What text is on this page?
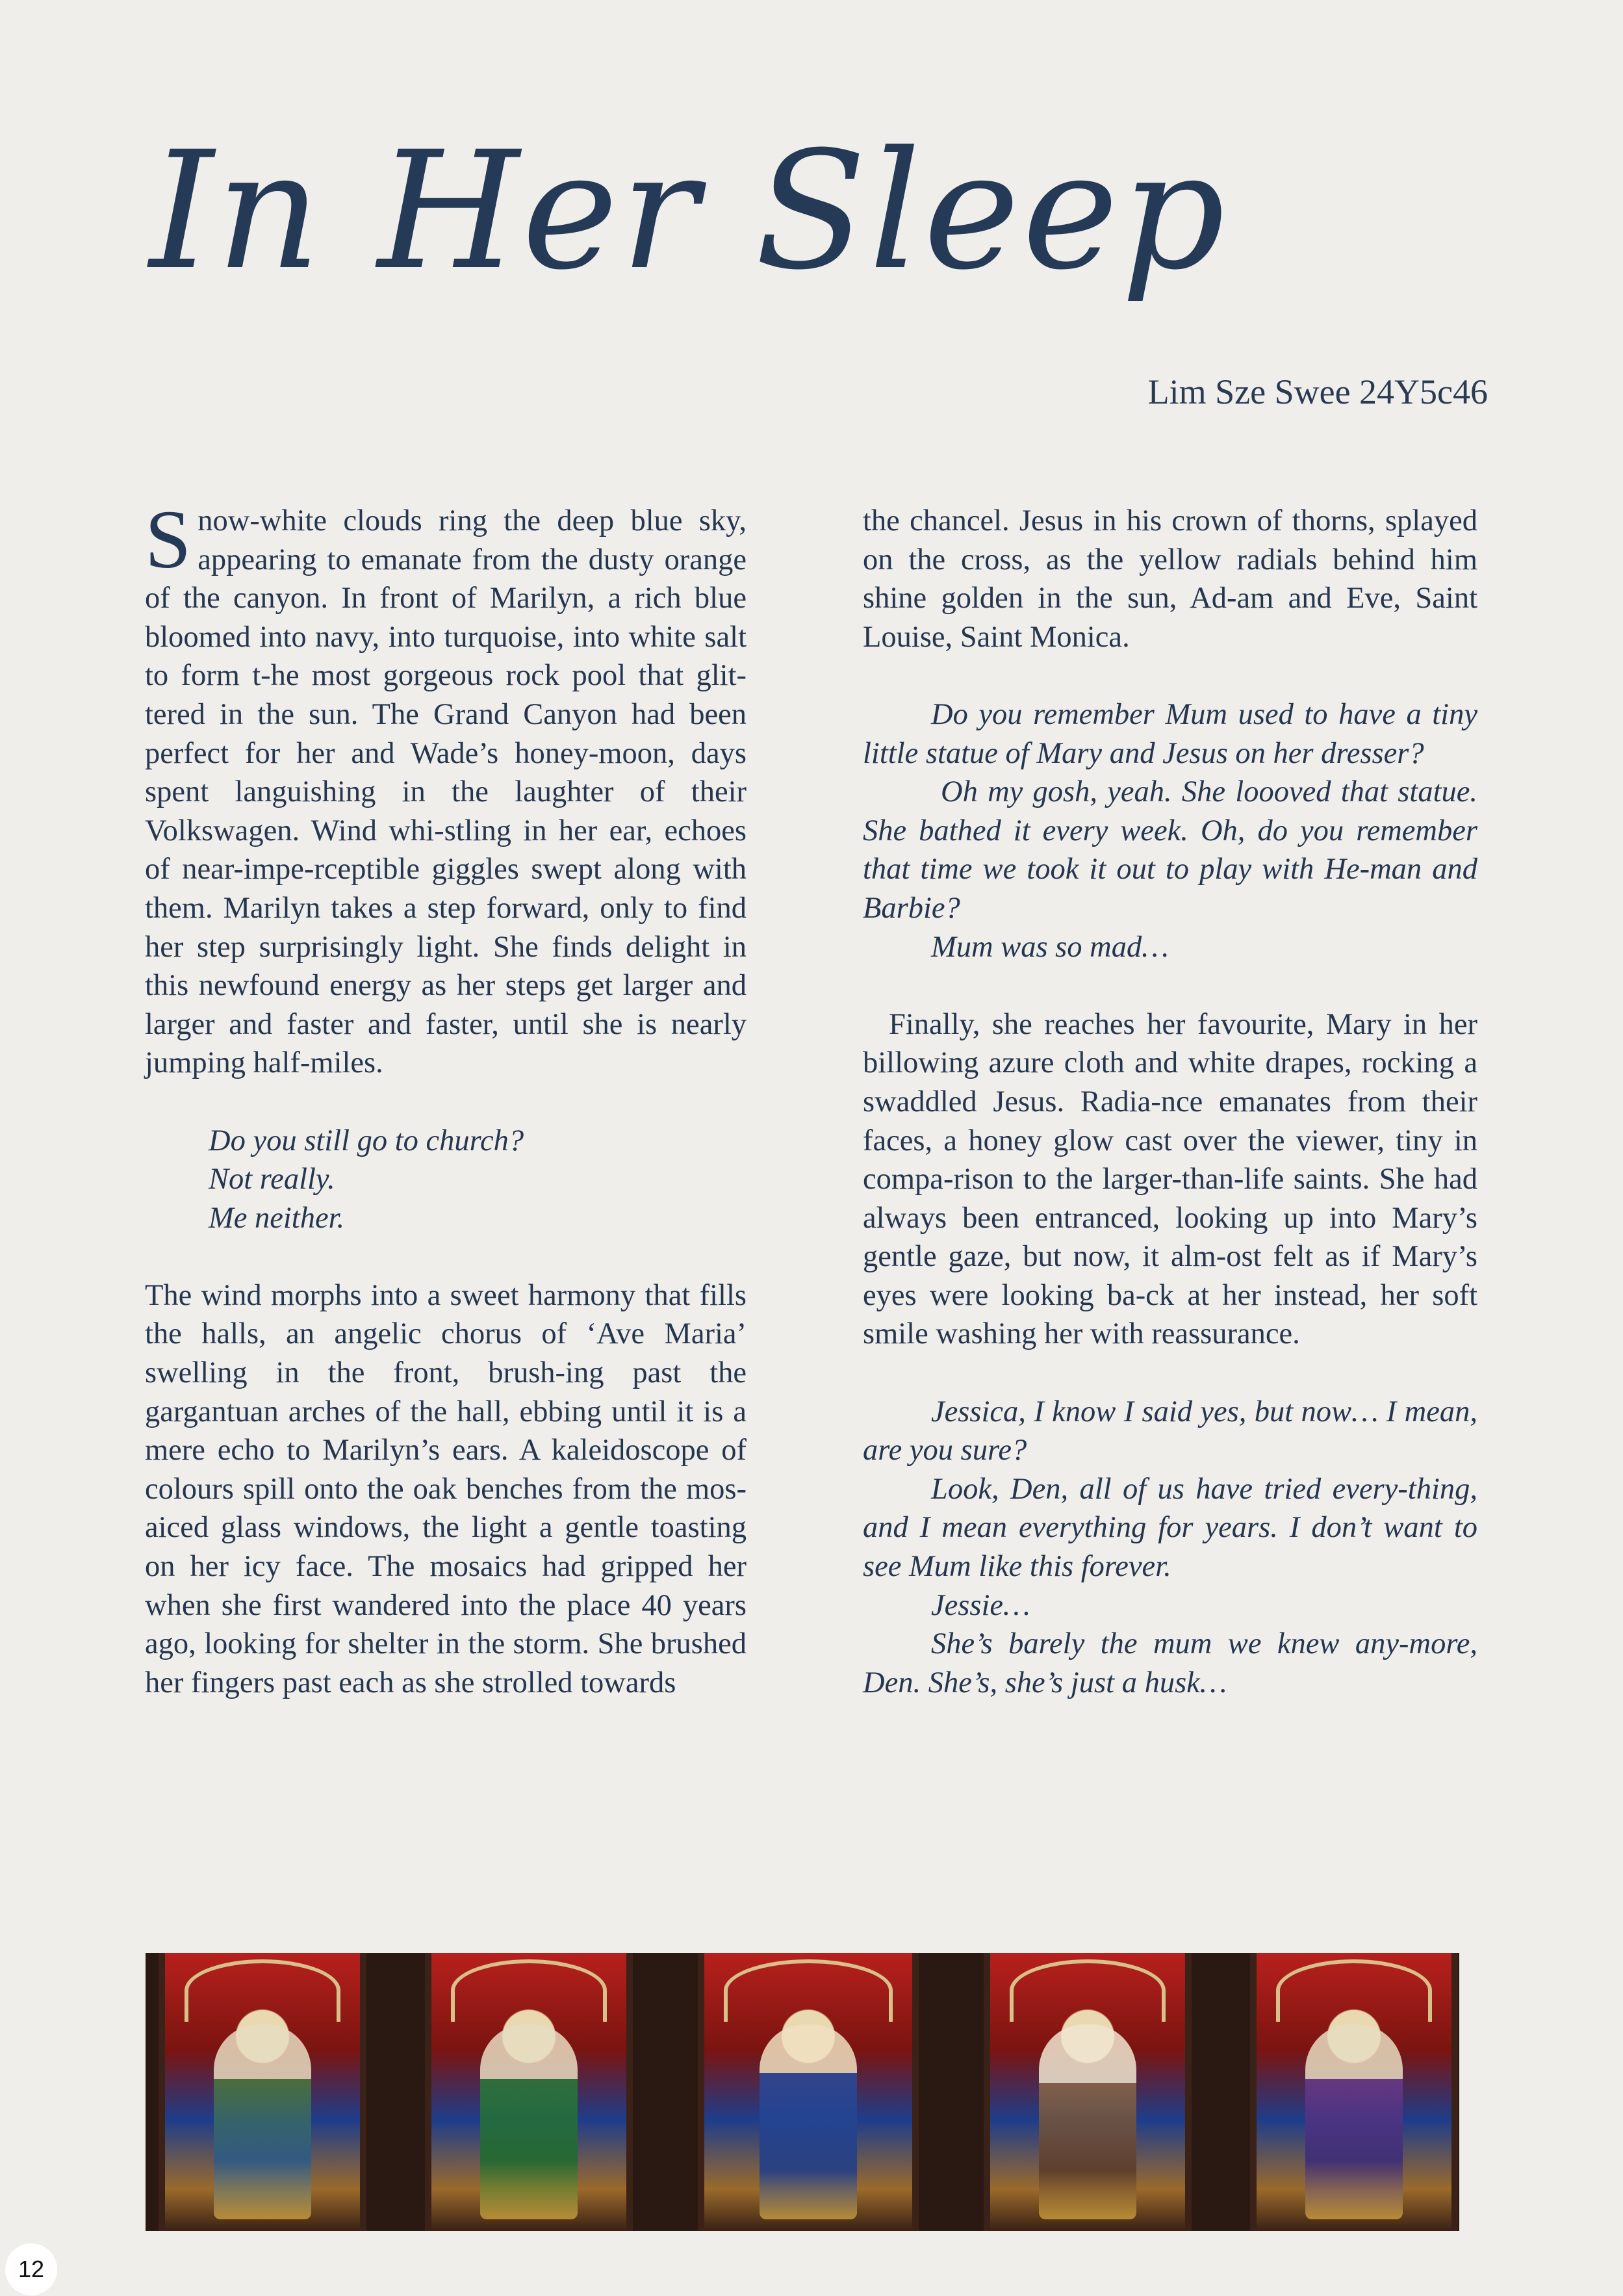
In Her Sleep
Lim Sze Swee 24Y5c46

Snow-white clouds ring the deep blue sky, appearing to emanate from the dusty orange of the canyon. In front of Marilyn, a rich blue bloomed into navy, into turquoise, into white salt to form t-he most gorgeous rock pool that glit-tered in the sun. The Grand Canyon had been perfect for her and Wade’s honey-moon, days spent languishing in the laughter of their Volkswagen. Wind whi-stling in her ear, echoes of near-impe-rceptible giggles swept along with them. Marilyn takes a step forward, only to find her step surprisingly light. She finds delight in this newfound energy as her steps get larger and larger and faster and faster, until she is nearly jumping half-miles.

Do you still go to church?

Not really.

Me neither.

The wind morphs into a sweet harmony that fills the halls, an angelic chorus of ‘Ave Maria’ swelling in the front, brush-ing past the gargantuan arches of the hall, ebbing until it is a mere echo to Marilyn’s ears. A kaleidoscope of colours spill onto the oak benches from the mos-aiced glass windows, the light a gentle toasting on her icy face. The mosaics had gripped her when she first wandered into the place 40 years ago, looking for shelter in the storm. She brushed her fingers past each as she strolled towards

the chancel. Jesus in his crown of thorns, splayed on the cross, as the yellow radials behind him shine golden in the sun, Ad-am and Eve, Saint Louise, Saint Monica.

Do you remember Mum used to have a tiny little statue of Mary and Jesus on her dresser?

Oh my gosh, yeah. She loooved that statue. She bathed it every week. Oh, do you remember that time we took it out to play with He-man and Barbie?

Mum was so mad…

Finally, she reaches her favourite, Mary in her billowing azure cloth and white drapes, rocking a swaddled Jesus. Radia-nce emanates from their faces, a honey glow cast over the viewer, tiny in compa-rison to the larger-than-life saints. She had always been entranced, looking up into Mary’s gentle gaze, but now, it alm-ost felt as if Mary’s eyes were looking ba-ck at her instead, her soft smile washing her with reassurance.

Jessica, I know I said yes, but now… I mean, are you sure?

Look, Den, all of us have tried every-thing, and I mean everything for years. I don’t want to see Mum like this forever.

Jessie…

She’s barely the mum we knew any-more, Den. She’s, she’s just a husk…

12
